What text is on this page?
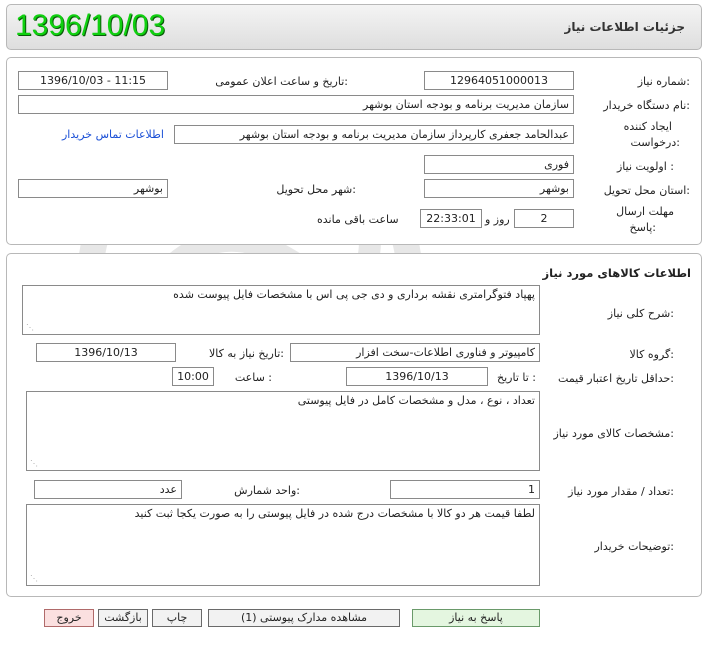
جزئیات اطلاعات نیاز
1396/10/03
شماره نیاز:
12964051000013
تاریخ و ساعت اعلان عمومی:
1396/10/03 - 11:15
نام دستگاه خریدار:
سازمان مدیریت برنامه و بودجه استان بوشهر
ایجاد کننده
درخواست:
عبدالحامد جعفری کارپرداز سازمان مدیریت برنامه و بودجه استان بوشهر
اطلاعات تماس خریدار
اولویت نیاز :
فوری
استان محل تحویل:
بوشهر
شهر محل تحویل:
بوشهر
مهلت ارسال
پاسخ:
2
روز و
22:33:01
ساعت باقی مانده
اطلاعات کالاهای مورد نیاز
شرح کلی نیاز:
پهپاد فتوگرامتری نقشه برداری و دی جی پی اس با مشخصات فایل پیوست شده
⋰
گروه کالا:
کامپیوتر و فناوری اطلاعات-سخت افزار
تاریخ نیاز به کالا:
1396/10/13
حداقل تاریخ اعتبار قیمت:
تا تاریخ :
1396/10/13
ساعت :
10:00
مشخصات کالای مورد نیاز:
تعداد ، نوع ، مدل و مشخصات کامل در فایل پیوستی
⋰
تعداد / مقدار مورد نیاز:
1
واحد شمارش:
عدد
توضیحات خریدار:
لطفا قیمت هر دو کالا با مشخصات درج شده در فایل پیوستی را به صورت یکجا ثبت کنید
⋰
پاسخ به نیاز
مشاهده مدارک پیوستی (1)
چاپ
بازگشت
خروج
